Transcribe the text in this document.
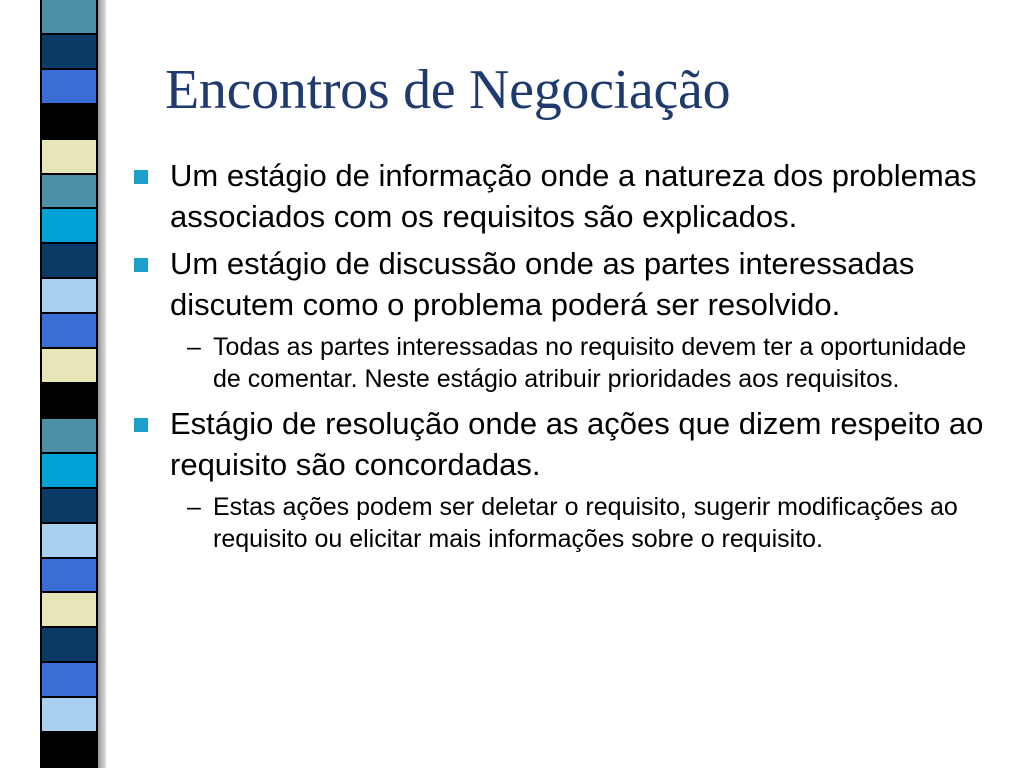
Encontros de Negociação
Um estágio de informação onde a natureza dos problemas associados com os requisitos são explicados.
Um estágio de discussão onde as partes interessadas discutem como o problema poderá ser resolvido.
– Todas as partes interessadas no requisito devem ter a oportunidade de comentar. Neste estágio atribuir prioridades aos requisitos.
Estágio de resolução onde as ações que dizem respeito ao requisito são concordadas.
– Estas ações podem ser deletar o requisito, sugerir modificações ao requisito ou elicitar mais informações sobre o requisito.
